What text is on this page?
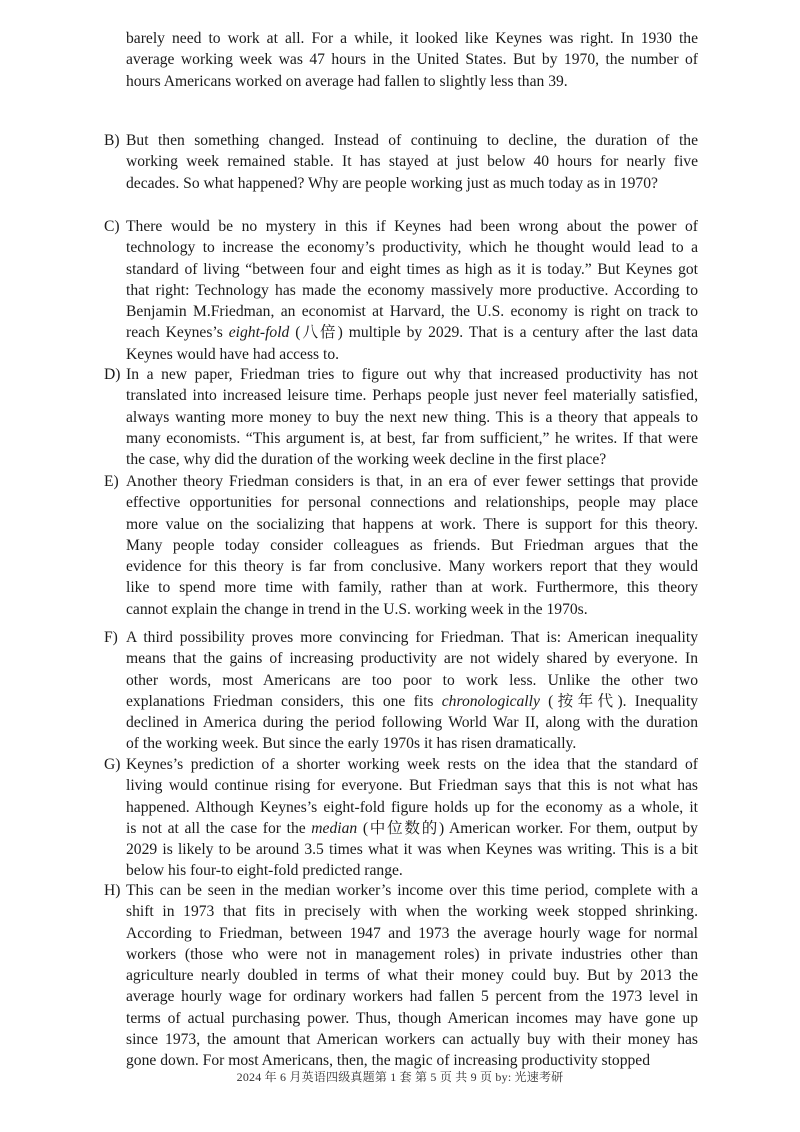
barely need to work at all. For a while, it looked like Keynes was right. In 1930 the
average working week was 47 hours in the United States. But by 1970, the number of
hours Americans worked on average had fallen to slightly less than 39.
B) But then something changed. Instead of continuing to decline, the duration of the
working week remained stable. It has stayed at just below 40 hours for nearly five
decades. So what happened? Why are people working just as much today as in 1970?
C) There would be no mystery in this if Keynes had been wrong about the power of
technology to increase the economy’s productivity, which he thought would lead to a
standard of living “between four and eight times as high as it is today.” But Keynes got
that right: Technology has made the economy massively more productive. According to
Benjamin M.Friedman, an economist at Harvard, the U.S. economy is right on track to
reach Keynes’s eight-fold (八倍) multiple by 2029. That is a century after the last data
Keynes would have had access to.
D) In a new paper, Friedman tries to figure out why that increased productivity has not
translated into increased leisure time. Perhaps people just never feel materially satisfied,
always wanting more money to buy the next new thing. This is a theory that appeals to
many economists. “This argument is, at best, far from sufficient,” he writes. If that were
the case, why did the duration of the working week decline in the first place?
E) Another theory Friedman considers is that, in an era of ever fewer settings that provide
effective opportunities for personal connections and relationships, people may place
more value on the socializing that happens at work. There is support for this theory.
Many people today consider colleagues as friends. But Friedman argues that the
evidence for this theory is far from conclusive. Many workers report that they would
like to spend more time with family, rather than at work. Furthermore, this theory
cannot explain the change in trend in the U.S. working week in the 1970s.
F) A third possibility proves more convincing for Friedman. That is: American inequality
means that the gains of increasing productivity are not widely shared by everyone. In
other words, most Americans are too poor to work less. Unlike the other two
explanations Friedman considers, this one fits chronologically (按年代). Inequality
declined in America during the period following World War II, along with the duration
of the working week. But since the early 1970s it has risen dramatically.
G) Keynes’s prediction of a shorter working week rests on the idea that the standard of
living would continue rising for everyone. But Friedman says that this is not what has
happened. Although Keynes’s eight-fold figure holds up for the economy as a whole, it
is not at all the case for the median (中位数的) American worker. For them, output by
2029 is likely to be around 3.5 times what it was when Keynes was writing. This is a bit
below his four-to eight-fold predicted range.
H) This can be seen in the median worker’s income over this time period, complete with a
shift in 1973 that fits in precisely with when the working week stopped shrinking.
According to Friedman, between 1947 and 1973 the average hourly wage for normal
workers (those who were not in management roles) in private industries other than
agriculture nearly doubled in terms of what their money could buy. But by 2013 the
average hourly wage for ordinary workers had fallen 5 percent from the 1973 level in
terms of actual purchasing power. Thus, though American incomes may have gone up
since 1973, the amount that American workers can actually buy with their money has
gone down. For most Americans, then, the magic of increasing productivity stopped
2024 年 6 月英语四级真题第 1 套 第 5 页 共 9 页 by: 光速考研
